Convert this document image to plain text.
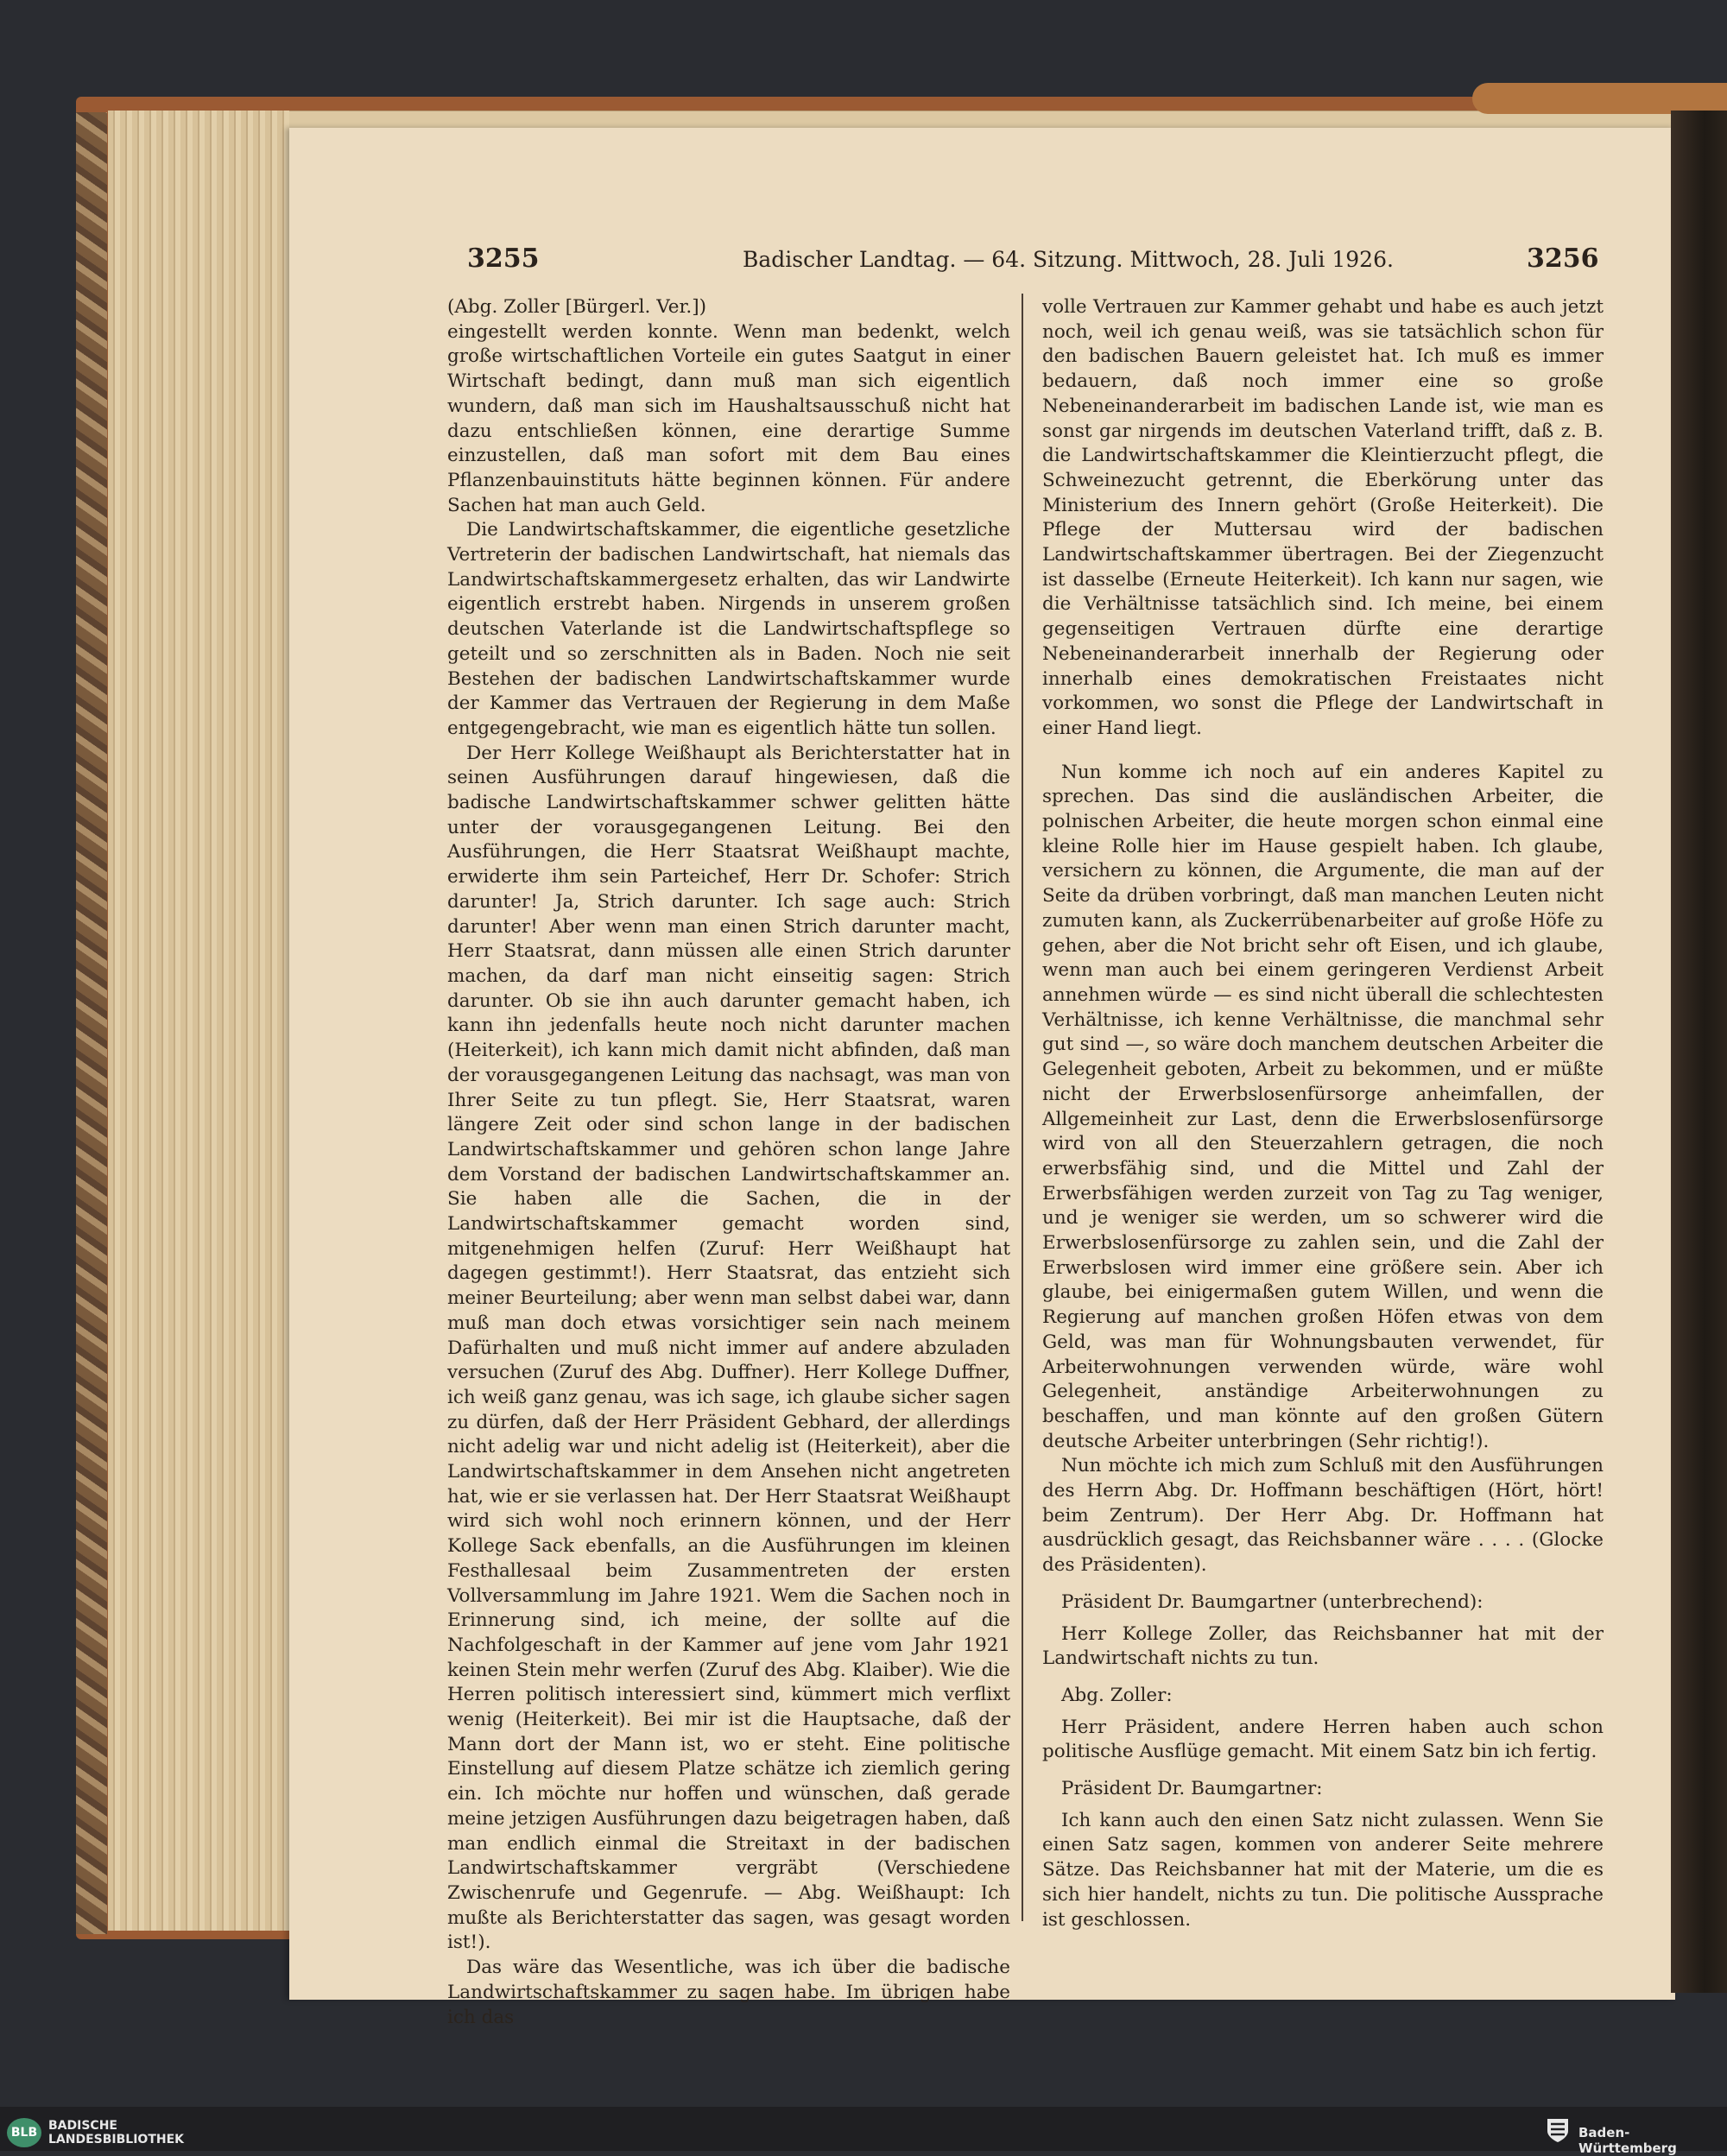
3255	Badischer Landtag. — 64. Sitzung. Mittwoch, 28. Juli 1926.	3256

(Abg. Zoller [Bürgerl. Ver.])

eingestellt werden konnte. Wenn man bedenkt, welch große wirtschaftlichen Vorteile ein gutes Saatgut in einer Wirtschaft bedingt, dann muß man sich eigentlich wundern, daß man sich im Haushaltsausschuß nicht hat dazu entschließen können, eine derartige Summe einzustellen, daß man sofort mit dem Bau eines Pflanzenbauinstituts hätte beginnen können. Für andere Sachen hat man auch Geld.

Die Landwirtschaftskammer, die eigentliche gesetzliche Vertreterin der badischen Landwirtschaft, hat niemals das Landwirtschaftskammergesetz erhalten, das wir Landwirte eigentlich erstrebt haben. Nirgends in unserem großen deutschen Vaterlande ist die Landwirtschaftspflege so geteilt und so zerschnitten als in Baden. Noch nie seit Bestehen der badischen Landwirtschaftskammer wurde der Kammer das Vertrauen der Regierung in dem Maße entgegengebracht, wie man es eigentlich hätte tun sollen.

Der Herr Kollege Weißhaupt als Berichterstatter hat in seinen Ausführungen darauf hingewiesen, daß die badische Landwirtschaftskammer schwer gelitten hätte unter der vorausgegangenen Leitung. Bei den Ausführungen, die Herr Staatsrat Weißhaupt machte, erwiderte ihm sein Parteichef, Herr Dr. Schofer: Strich darunter! Ja, Strich darunter. Ich sage auch: Strich darunter! Aber wenn man einen Strich darunter macht, Herr Staatsrat, dann müssen alle einen Strich darunter machen, da darf man nicht einseitig sagen: Strich darunter. Ob sie ihn auch darunter gemacht haben, ich kann ihn jedenfalls heute noch nicht darunter machen (Heiterkeit), ich kann mich damit nicht abfinden, daß man der vorausgegangenen Leitung das nachsagt, was man von Ihrer Seite zu tun pflegt. Sie, Herr Staatsrat, waren längere Zeit oder sind schon lange in der badischen Landwirtschaftskammer und gehören schon lange Jahre dem Vorstand der badischen Landwirtschaftskammer an. Sie haben alle die Sachen, die in der Landwirtschaftskammer gemacht worden sind, mitgenehmigen helfen (Zuruf: Herr Weißhaupt hat dagegen gestimmt!). Herr Staatsrat, das entzieht sich meiner Beurteilung; aber wenn man selbst dabei war, dann muß man doch etwas vorsichtiger sein nach meinem Dafürhalten und muß nicht immer auf andere abzuladen versuchen (Zuruf des Abg. Duffner). Herr Kollege Duffner, ich weiß ganz genau, was ich sage, ich glaube sicher sagen zu dürfen, daß der Herr Präsident Gebhard, der allerdings nicht adelig war und nicht adelig ist (Heiterkeit), aber die Landwirtschaftskammer in dem Ansehen nicht angetreten hat, wie er sie verlassen hat. Der Herr Staatsrat Weißhaupt wird sich wohl noch erinnern können, und der Herr Kollege Sack ebenfalls, an die Ausführungen im kleinen Festhallesaal beim Zusammentreten der ersten Vollversammlung im Jahre 1921. Wem die Sachen noch in Erinnerung sind, ich meine, der sollte auf die Nachfolgeschaft in der Kammer auf jene vom Jahr 1921 keinen Stein mehr werfen (Zuruf des Abg. Klaiber). Wie die Herren politisch interessiert sind, kümmert mich verflixt wenig (Heiterkeit). Bei mir ist die Hauptsache, daß der Mann dort der Mann ist, wo er steht. Eine politische Einstellung auf diesem Platze schätze ich ziemlich gering ein. Ich möchte nur hoffen und wünschen, daß gerade meine jetzigen Ausführungen dazu beigetragen haben, daß man endlich einmal die Streitaxt in der badischen Landwirtschaftskammer vergräbt (Verschiedene Zwischenrufe und Gegenrufe. — Abg. Weißhaupt: Ich mußte als Berichterstatter das sagen, was gesagt worden ist!).

Das wäre das Wesentliche, was ich über die badische Landwirtschaftskammer zu sagen habe. Im übrigen habe ich das

volle Vertrauen zur Kammer gehabt und habe es auch jetzt noch, weil ich genau weiß, was sie tatsächlich schon für den badischen Bauern geleistet hat. Ich muß es immer bedauern, daß noch immer eine so große Nebeneinanderarbeit im badischen Lande ist, wie man es sonst gar nirgends im deutschen Vaterland trifft, daß z. B. die Landwirtschaftskammer die Kleintierzucht pflegt, die Schweinezucht getrennt, die Eberkörung unter das Ministerium des Innern gehört (Große Heiterkeit). Die Pflege der Muttersau wird der badischen Landwirtschaftskammer übertragen. Bei der Ziegenzucht ist dasselbe (Erneute Heiterkeit). Ich kann nur sagen, wie die Verhältnisse tatsächlich sind. Ich meine, bei einem gegenseitigen Vertrauen dürfte eine derartige Nebeneinanderarbeit innerhalb der Regierung oder innerhalb eines demokratischen Freistaates nicht vorkommen, wo sonst die Pflege der Landwirtschaft in einer Hand liegt.

Nun komme ich noch auf ein anderes Kapitel zu sprechen. Das sind die ausländischen Arbeiter, die polnischen Arbeiter, die heute morgen schon einmal eine kleine Rolle hier im Hause gespielt haben. Ich glaube, versichern zu können, die Argumente, die man auf der Seite da drüben vorbringt, daß man manchen Leuten nicht zumuten kann, als Zuckerrübenarbeiter auf große Höfe zu gehen, aber die Not bricht sehr oft Eisen, und ich glaube, wenn man auch bei einem geringeren Verdienst Arbeit annehmen würde — es sind nicht überall die schlechtesten Verhältnisse, ich kenne Verhältnisse, die manchmal sehr gut sind —, so wäre doch manchem deutschen Arbeiter die Gelegenheit geboten, Arbeit zu bekommen, und er müßte nicht der Erwerbslosenfürsorge anheimfallen, der Allgemeinheit zur Last, denn die Erwerbslosenfürsorge wird von all den Steuerzahlern getragen, die noch erwerbsfähig sind, und die Mittel und Zahl der Erwerbsfähigen werden zurzeit von Tag zu Tag weniger, und je weniger sie werden, um so schwerer wird die Erwerbslosenfürsorge zu zahlen sein, und die Zahl der Erwerbslosen wird immer eine größere sein. Aber ich glaube, bei einigermaßen gutem Willen, und wenn die Regierung auf manchen großen Höfen etwas von dem Geld, was man für Wohnungsbauten verwendet, für Arbeiterwohnungen verwenden würde, wäre wohl Gelegenheit, anständige Arbeiterwohnungen zu beschaffen, und man könnte auf den großen Gütern deutsche Arbeiter unterbringen (Sehr richtig!).

Nun möchte ich mich zum Schluß mit den Ausführungen des Herrn Abg. Dr. Hoffmann beschäftigen (Hört, hört! beim Zentrum). Der Herr Abg. Dr. Hoffmann hat ausdrücklich gesagt, das Reichsbanner wäre . . . . (Glocke des Präsidenten).

Präsident Dr. Baumgartner (unterbrechend):

Herr Kollege Zoller, das Reichsbanner hat mit der Landwirtschaft nichts zu tun.

Abg. Zoller:

Herr Präsident, andere Herren haben auch schon politische Ausflüge gemacht. Mit einem Satz bin ich fertig.

Präsident Dr. Baumgartner:

Ich kann auch den einen Satz nicht zulassen. Wenn Sie einen Satz sagen, kommen von anderer Seite mehrere Sätze. Das Reichsbanner hat mit der Materie, um die es sich hier handelt, nichts zu tun. Die politische Aussprache ist geschlossen.

BLB BADISCHE
LANDESBIBLIOTHEK	Baden-Württemberg
